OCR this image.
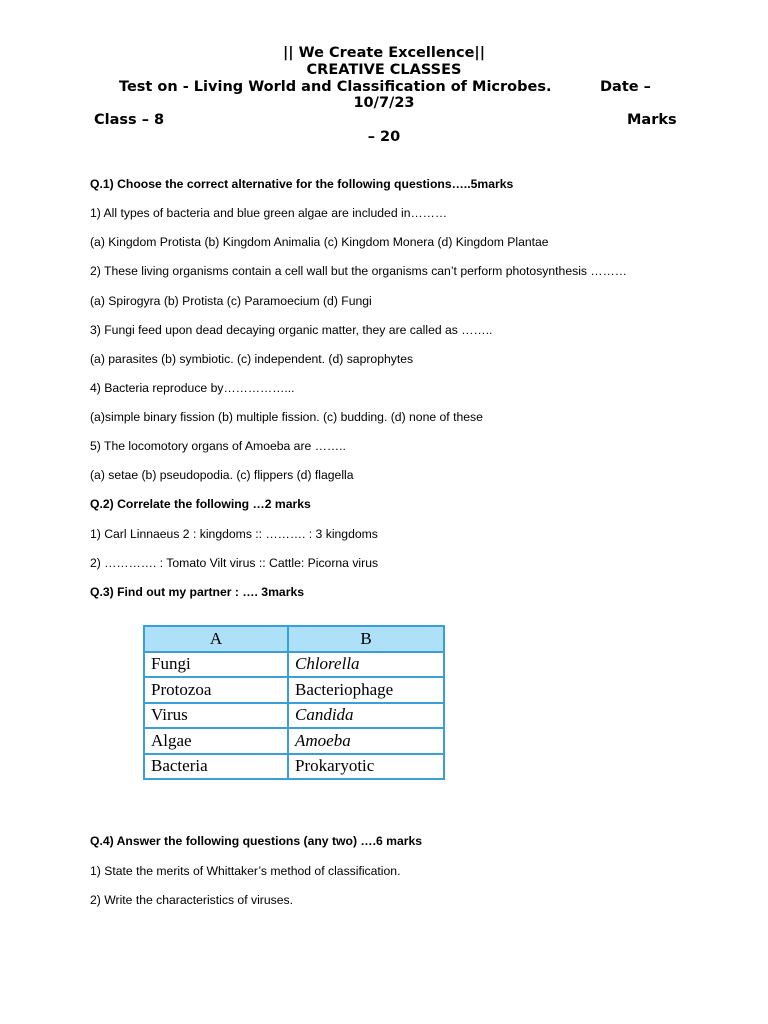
|| We Create Excellence||
CREATIVE CLASSES
Test on - Living World and Classification of Microbes.	Date –
10/7/23
Class – 8	Marks
– 20
Q.1) Choose the correct alternative for the following questions…..5marks
1) All types of bacteria and blue green algae are included in………
(a) Kingdom Protista (b) Kingdom Animalia (c) Kingdom Monera (d) Kingdom Plantae
2) These living organisms contain a cell wall but the organisms can’t perform photosynthesis ………
(a) Spirogyra (b) Protista (c) Paramoecium (d) Fungi
3) Fungi feed upon dead decaying organic matter, they are called as ……..
(a) parasites (b) symbiotic. (c) independent. (d) saprophytes
4) Bacteria reproduce by……………...
(a)simple binary fission (b) multiple fission. (c) budding. (d) none of these
5) The locomotory organs of Amoeba are ……..
(a) setae (b) pseudopodia. (c) flippers (d) flagella
Q.2) Correlate the following …2 marks
1) Carl Linnaeus 2 : kingdoms :: ………. : 3 kingdoms
2) …………. : Tomato Vilt virus :: Cattle: Picorna virus
Q.3) Find out my partner : …. 3marks
A	B
Fungi	Chlorella
Protozoa	Bacteriophage
Virus	Candida
Algae	Amoeba
Bacteria	Prokaryotic
Q.4) Answer the following questions (any two) ….6 marks
1) State the merits of Whittaker’s method of classification.
2) Write the characteristics of viruses.
